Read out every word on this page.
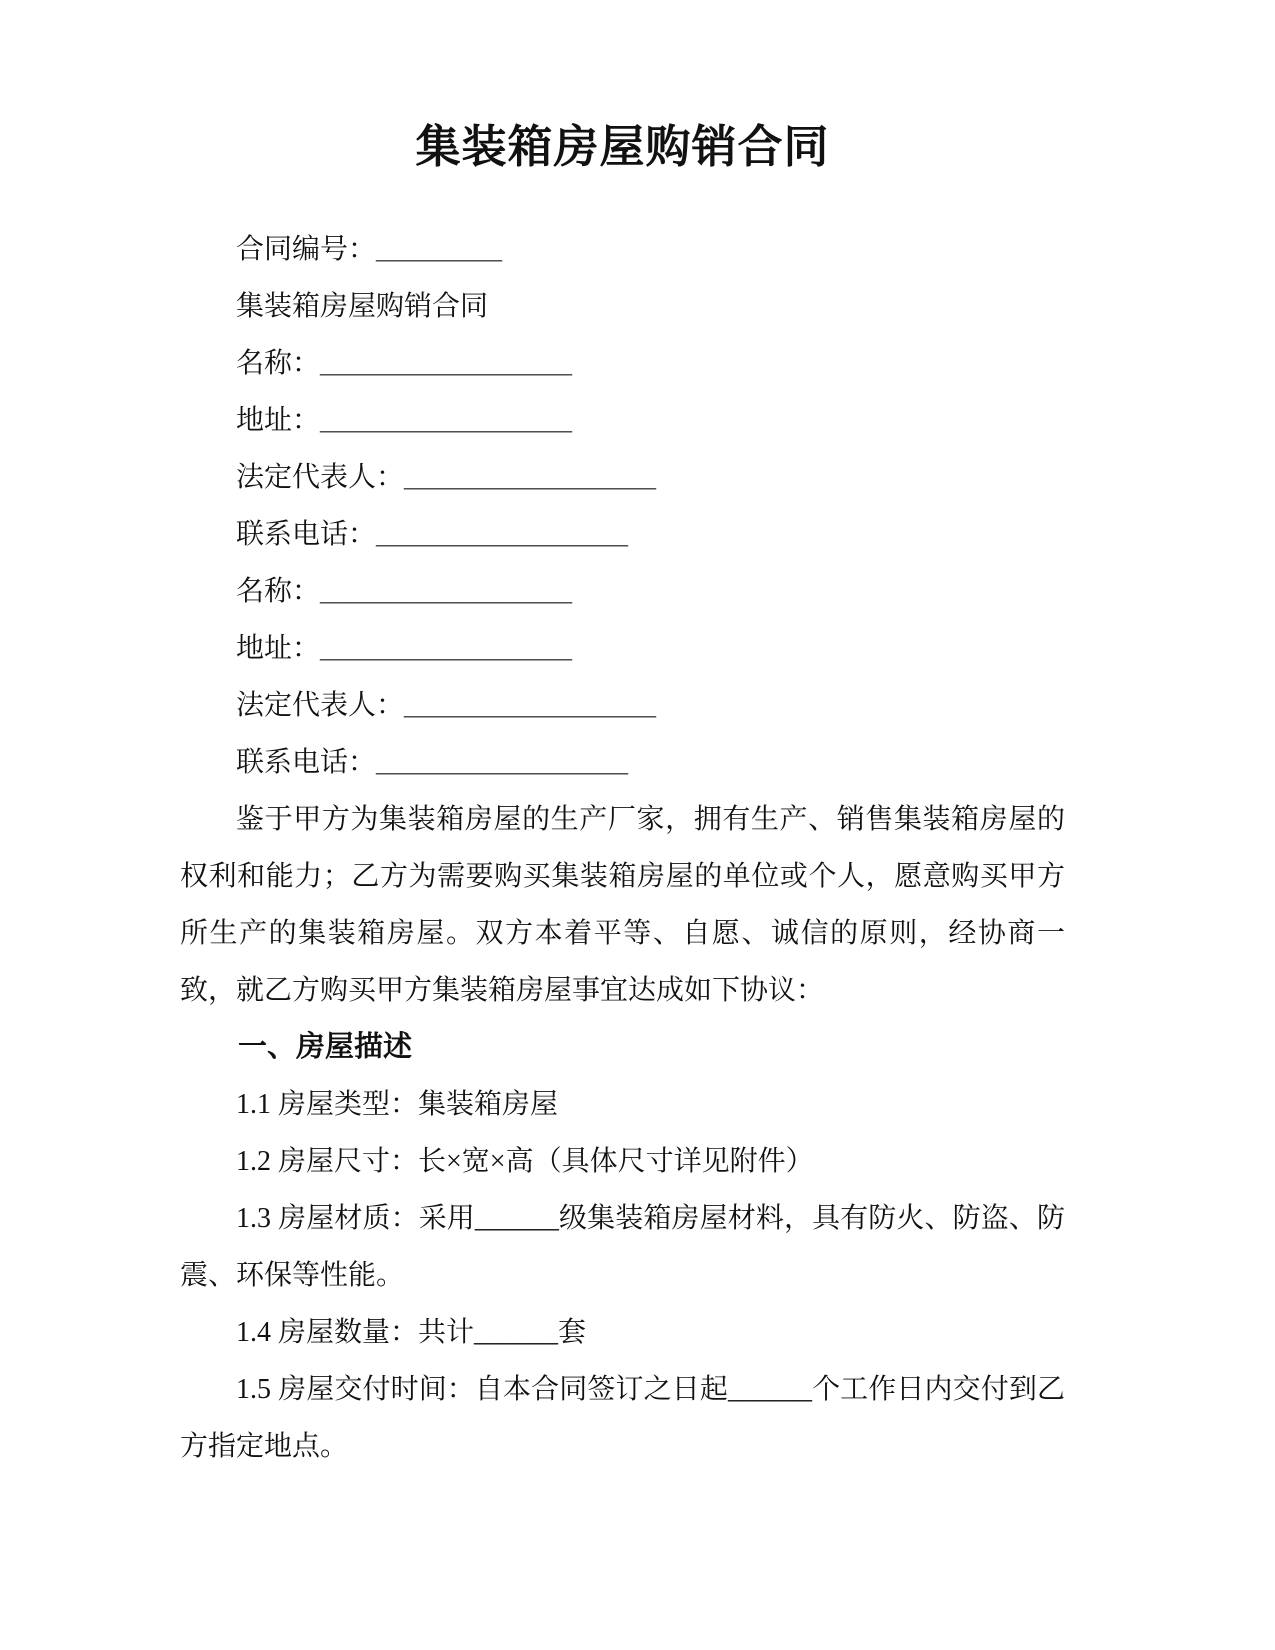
集装箱房屋购销合同

合同编号：_________

集装箱房屋购销合同

名称：__________________

地址：__________________

法定代表人：__________________

联系电话：__________________

名称：__________________

地址：__________________

法定代表人：__________________

联系电话：__________________

鉴于甲方为集装箱房屋的生产厂家，拥有生产、销售集装箱房屋的权利和能力；乙方为需要购买集装箱房屋的单位或个人，愿意购买甲方所生产的集装箱房屋。双方本着平等、自愿、诚信的原则，经协商一致，就乙方购买甲方集装箱房屋事宜达成如下协议：

一、房屋描述

1.1 房屋类型：集装箱房屋

1.2 房屋尺寸：长×宽×高（具体尺寸详见附件）

1.3 房屋材质：采用______级集装箱房屋材料，具有防火、防盗、防震、环保等性能。

1.4 房屋数量：共计______套

1.5 房屋交付时间：自本合同签订之日起______个工作日内交付到乙方指定地点。
